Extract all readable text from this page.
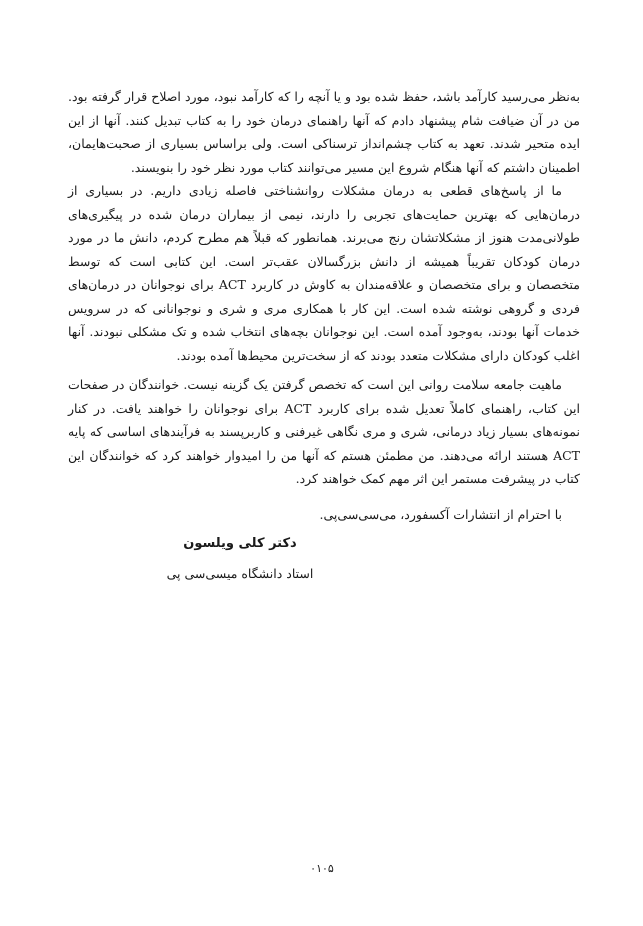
به‌نظر می‌رسید کارآمد باشد، حفظ شده بود و یا آنچه را که کارآمد نبود، مورد اصلاح قرار گرفته بود. من در آن ضیافت شام پیشنهاد دادم که آنها راهنمای درمان خود را به کتاب تبدیل کنند. آنها از این ایده متحیر شدند. تعهد به کتاب چشم‌انداز ترسناکی است. ولی براساس بسیاری از صحبت‌هایمان، اطمینان داشتم که آنها هنگام شروع این مسیر می‌توانند کتاب مورد نظر خود را بنویسند.

ما از پاسخ‌های قطعی به درمان مشکلات روانشناختی فاصله زیادی داریم. در بسیاری از درمان‌هایی که بهترین حمایت‌های تجربی را دارند، نیمی از بیماران درمان شده در پیگیری‌های طولانی‌مدت هنوز از مشکلاتشان رنج می‌برند. همانطور که قبلاً هم مطرح کردم، دانش ما در مورد درمان کودکان تقریباً همیشه از دانش بزرگسالان عقب‌تر است. این کتابی است که توسط متخصصان و برای متخصصان و علاقه‌مندان به کاوش در کاربرد ACT برای نوجوانان در درمان‌های فردی و گروهی نوشته شده است. این کار با همکاری مری و شری و نوجوانانی که در سرویس خدمات آنها بودند، به‌وجود آمده است. این نوجوانان بچه‌های انتخاب شده و تک مشکلی نبودند. آنها اغلب کودکان دارای مشکلات متعدد بودند که از سخت‌ترین محیط‌ها آمده بودند.

ماهیت جامعه سلامت روانی این است که تخصص گرفتن یک گزینه نیست. خوانندگان در صفحات این کتاب، راهنمای کاملاً تعدیل شده برای کاربرد ACT برای نوجوانان را خواهند یافت. در کنار نمونه‌های بسیار زیاد درمانی، شری و مری نگاهی غیرفنی و کاربرپسند به فرآیندهای اساسی که پایه ACT هستند ارائه می‌دهند. من مطمئن هستم که آنها من را امیدوار خواهند کرد که خوانندگان این کتاب در پیشرفت مستمر این اثر مهم کمک خواهند کرد.

با احترام از انتشارات آکسفورد، می‌سی‌سی‌پی.

دکتر کلی ویلسون
استاد دانشگاه میسی‌سی پی
۰۱۰۵
